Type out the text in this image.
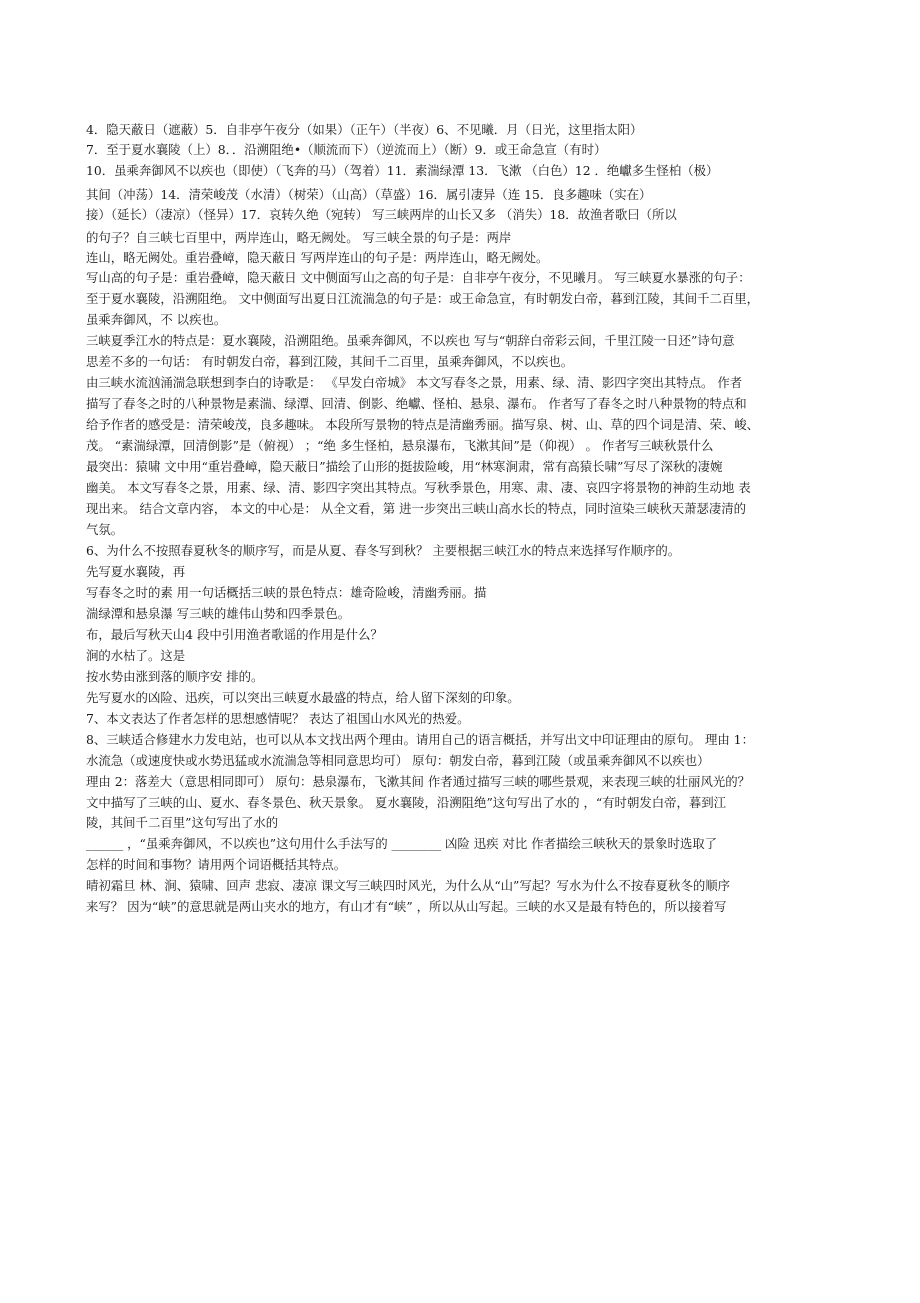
4．隐天蔽日（遮蔽）5．自非亭午夜分（如果）（正午）（半夜）6、不见曦．月（日光，这里指太阳）
7．至于夏水襄陵（上）8．．沿溯阻绝•（顺流而下）（逆流而上）（断）9．或王命急宣（有时）
10．虽乘奔御风不以疾也（即使）（飞奔的马）（驾着）11．素湍绿潭 13．飞漱 （白色）12 ．绝巘多生怪柏（极）
其间（冲荡）14．清荣峻茂（水清）（树荣）（山高）（草盛）16．属引凄异（连 15．良多趣味（实在）
接）（延长）（凄凉）（怪异）17．哀转久绝（宛转） 写三峡两岸的山长又多 （消失）18．故渔者歌曰（所以
的句子？自三峡七百里中，两岸连山，略无阙处。 写三峡全景的句子是：两岸
连山，略无阙处。重岩叠嶂，隐天蔽日 写两岸连山的句子是：两岸连山，略无阙处。
写山高的句子是：重岩叠嶂，隐天蔽日 文中侧面写山之高的句子是：自非亭午夜分，不见曦月。 写三峡夏水暴涨的句子：
至于夏水襄陵，沿溯阻绝。 文中侧面写出夏日江流湍急的句子是：或王命急宣，有时朝发白帝，暮到江陵，其间千二百里，
虽乘奔御风，不 以疾也。
三峡夏季江水的特点是：夏水襄陵，沿溯阻绝。虽乘奔御风，不以疾也 写与“朝辞白帝彩云间，千里江陵一日还”诗句意
思差不多的一句话： 有时朝发白帝，暮到江陵，其间千二百里，虽乘奔御风，不以疾也。
由三峡水流汹涌湍急联想到李白的诗歌是： 《早发白帝城》 本文写春冬之景，用素、绿、清、影四字突出其特点。 作者
描写了春冬之时的八种景物是素湍、绿潭、回清、倒影、绝巘、怪柏、悬泉、瀑布。 作者写了春冬之时八种景物的特点和
给予作者的感受是：清荣峻茂，良多趣味。 本段所写景物的特点是清幽秀丽。描写泉、树、山、草的四个词是清、荣、峻、
茂。 “素湍绿潭，回清倒影”是（俯视） ；“绝 多生怪柏，悬泉瀑布，飞漱其间”是（仰视） 。 作者写三峡秋景什么
最突出：猿啸 文中用“重岩叠嶂，隐天蔽日”描绘了山形的挺拔险峻，用“林寒涧肃，常有高猿长啸”写尽了深秋的凄婉
幽美。 本文写春冬之景，用素、绿、清、影四字突出其特点。写秋季景色，用寒、肃、凄、哀四字将景物的神韵生动地 表
现出来。 结合文章内容， 本文的中心是： 从全文看，第 进一步突出三峡山高水长的特点，同时渲染三峡秋天萧瑟凄清的
气氛。
6、为什么不按照春夏秋冬的顺序写，而是从夏、春冬写到秋？ 主要根据三峡江水的特点来选择写作顺序的。
先写夏水襄陵，再
写春冬之时的素 用一句话概括三峡的景色特点：雄奇险峻，清幽秀丽。描
湍绿潭和悬泉瀑 写三峡的雄伟山势和四季景色。
布，最后写秋天山4 段中引用渔者歌谣的作用是什么？
涧的水枯了。这是
按水势由涨到落的顺序安 排的。
先写夏水的凶险、迅疾，可以突出三峡夏水最盛的特点，给人留下深刻的印象。
7、本文表达了作者怎样的思想感情呢？ 表达了祖国山水风光的热爱。
8、三峡适合修建水力发电站，也可以从本文找出两个理由。请用自己的语言概括，并写出文中印证理由的原句。 理由 1：
水流急（或速度快或水势迅猛或水流湍急等相同意思均可） 原句：朝发白帝，暮到江陵（或虽乘奔御风不以疾也）
理由 2：落差大（意思相同即可） 原句：悬泉瀑布，飞漱其间 作者通过描写三峡的哪些景观，来表现三峡的壮丽风光的？
文中描写了三峡的山、夏水、春冬景色、秋天景象。 夏水襄陵，沿溯阻绝”这句写出了水的 ，“有时朝发白帝，暮到江
陵，其间千二百里”这句写出了水的
______ ，“虽乘奔御风，不以疾也”这句用什么手法写的 ________ 凶险 迅疾 对比 作者描绘三峡秋天的景象时选取了
怎样的时间和事物？请用两个词语概括其特点。
晴初霜旦 林、涧、猿啸、回声 悲寂、凄凉 课文写三峡四时风光，为什么从“山”写起？写水为什么不按春夏秋冬的顺序
来写？ 因为“峡”的意思就是两山夹水的地方，有山才有“峡” ，所以从山写起。三峡的水又是最有特色的，所以接着写
